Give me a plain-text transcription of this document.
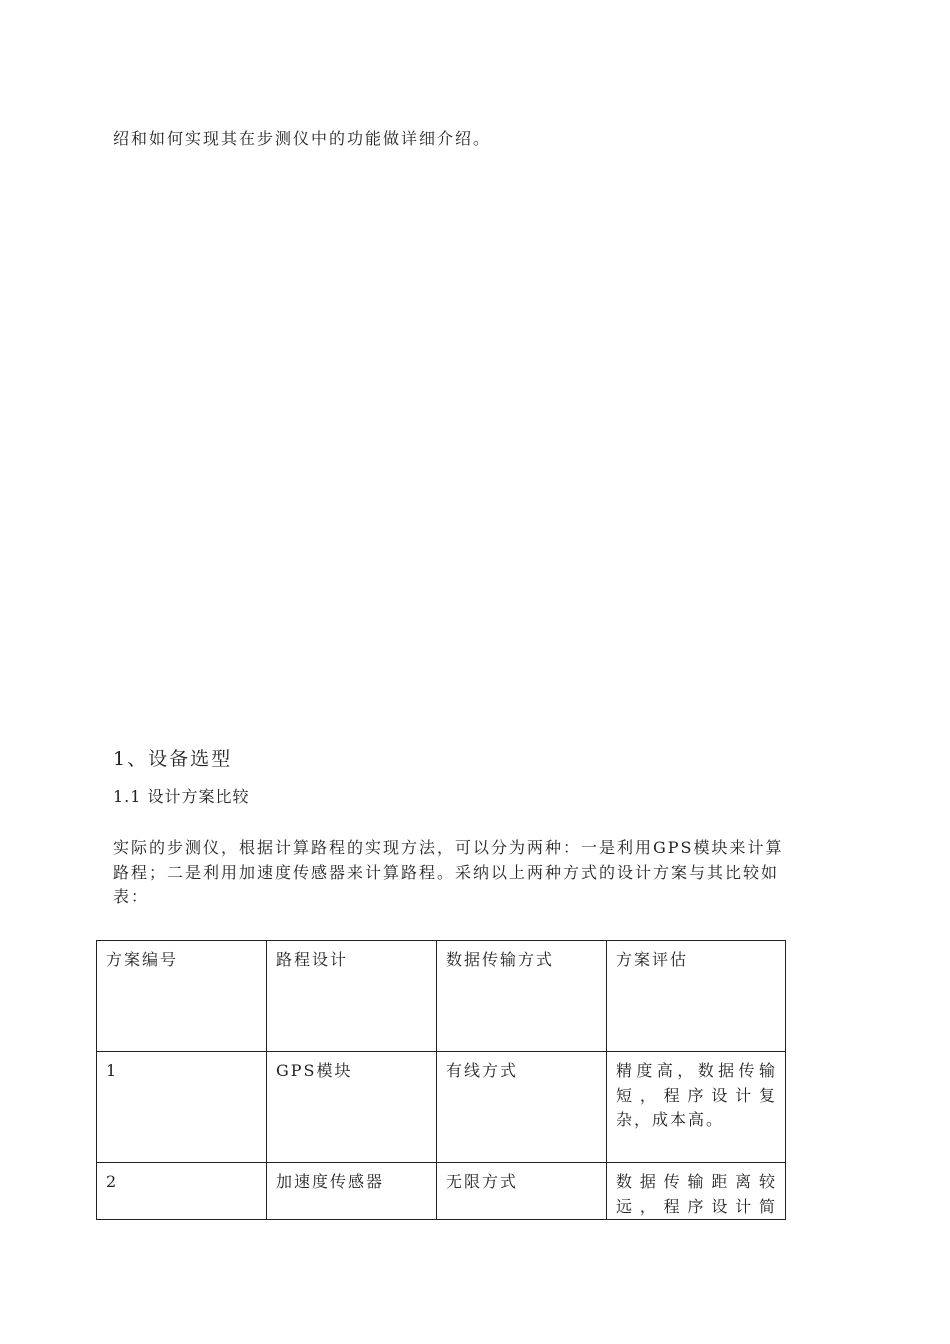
绍和如何实现其在步测仪中的功能做详细介绍。
1、设备选型
1.1 设计方案比较
实际的步测仪，根据计算路程的实现方法，可以分为两种：一是利用GPS模块来计算
路程；二是利用加速度传感器来计算路程。采纳以上两种方式的设计方案与其比较如
表：
方案编号	路程设计	数据传输方式	方案评估
1	GPS模块	有线方式	精度高，数据传输
短，程序设计复
杂，成本高。

2	加速度传感器	无限方式	数据传输距离较
远，程序设计简
